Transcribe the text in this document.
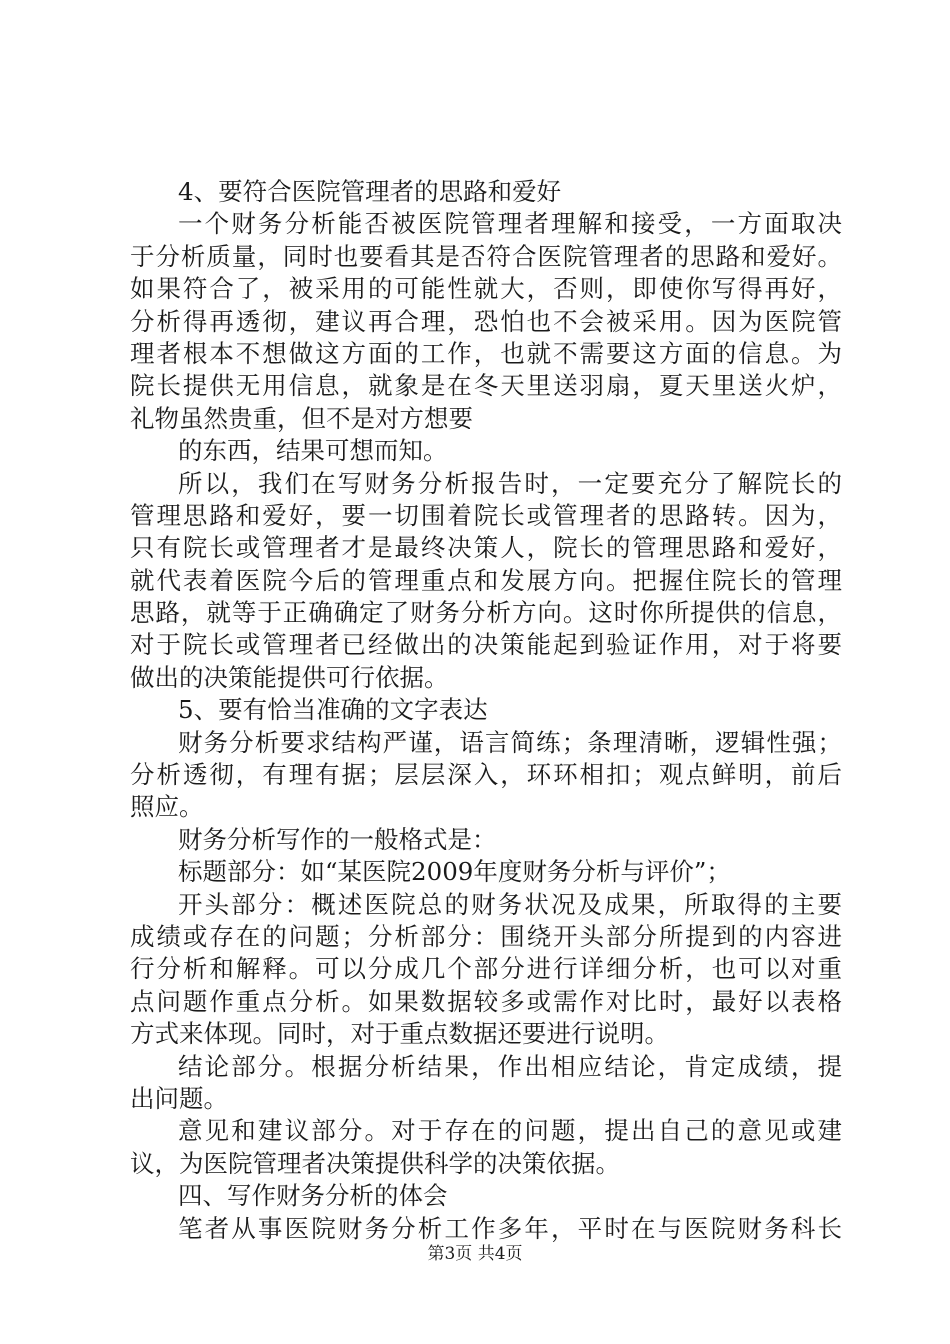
4、要符合医院管理者的思路和爱好
一个财务分析能否被医院管理者理解和接受，一方面取决
于分析质量，同时也要看其是否符合医院管理者的思路和爱好。
如果符合了，被采用的可能性就大，否则，即使你写得再好，
分析得再透彻，建议再合理，恐怕也不会被采用。因为医院管
理者根本不想做这方面的工作，也就不需要这方面的信息。为
院长提供无用信息，就象是在冬天里送羽扇，夏天里送火炉，
礼物虽然贵重，但不是对方想要
的东西，结果可想而知。
所以，我们在写财务分析报告时，一定要充分了解院长的
管理思路和爱好，要一切围着院长或管理者的思路转。因为，
只有院长或管理者才是最终决策人，院长的管理思路和爱好，
就代表着医院今后的管理重点和发展方向。把握住院长的管理
思路，就等于正确确定了财务分析方向。这时你所提供的信息，
对于院长或管理者已经做出的决策能起到验证作用，对于将要
做出的决策能提供可行依据。
5、要有恰当准确的文字表达
财务分析要求结构严谨，语言简练；条理清晰，逻辑性强；
分析透彻，有理有据；层层深入，环环相扣；观点鲜明，前后
照应。
财务分析写作的一般格式是：
标题部分：如“某医院2009年度财务分析与评价”；
开头部分：概述医院总的财务状况及成果，所取得的主要
成绩或存在的问题；分析部分：围绕开头部分所提到的内容进
行分析和解释。可以分成几个部分进行详细分析，也可以对重
点问题作重点分析。如果数据较多或需作对比时，最好以表格
方式来体现。同时，对于重点数据还要进行说明。
结论部分。根据分析结果，作出相应结论，肯定成绩，提
出问题。
意见和建议部分。对于存在的问题，提出自己的意见或建
议，为医院管理者决策提供科学的决策依据。
四、写作财务分析的体会
笔者从事医院财务分析工作多年，平时在与医院财务科长
第3页 共4页
